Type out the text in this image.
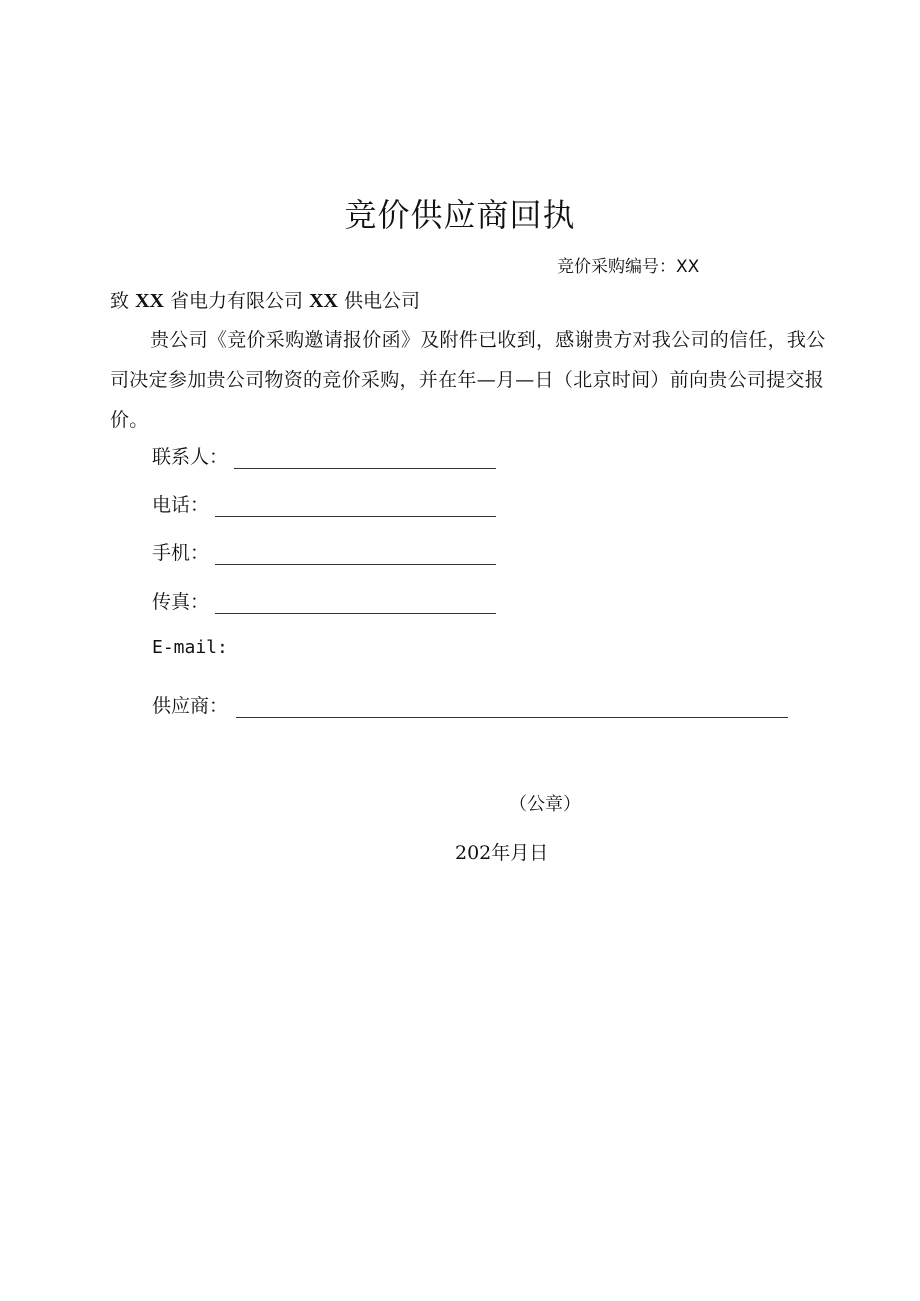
竞价供应商回执
竞价采购编号：XX
致 XX 省电力有限公司 XX 供电公司
贵公司《竞价采购邀请报价函》及附件已收到，感谢贵方对我公司的信任，我公司决定参加贵公司物资的竞价采购，并在年—月—日（北京时间）前向贵公司提交报价。
联系人：
电话：
手机：
传真：
E-mail:
供应商：
（公章）
202年月日
